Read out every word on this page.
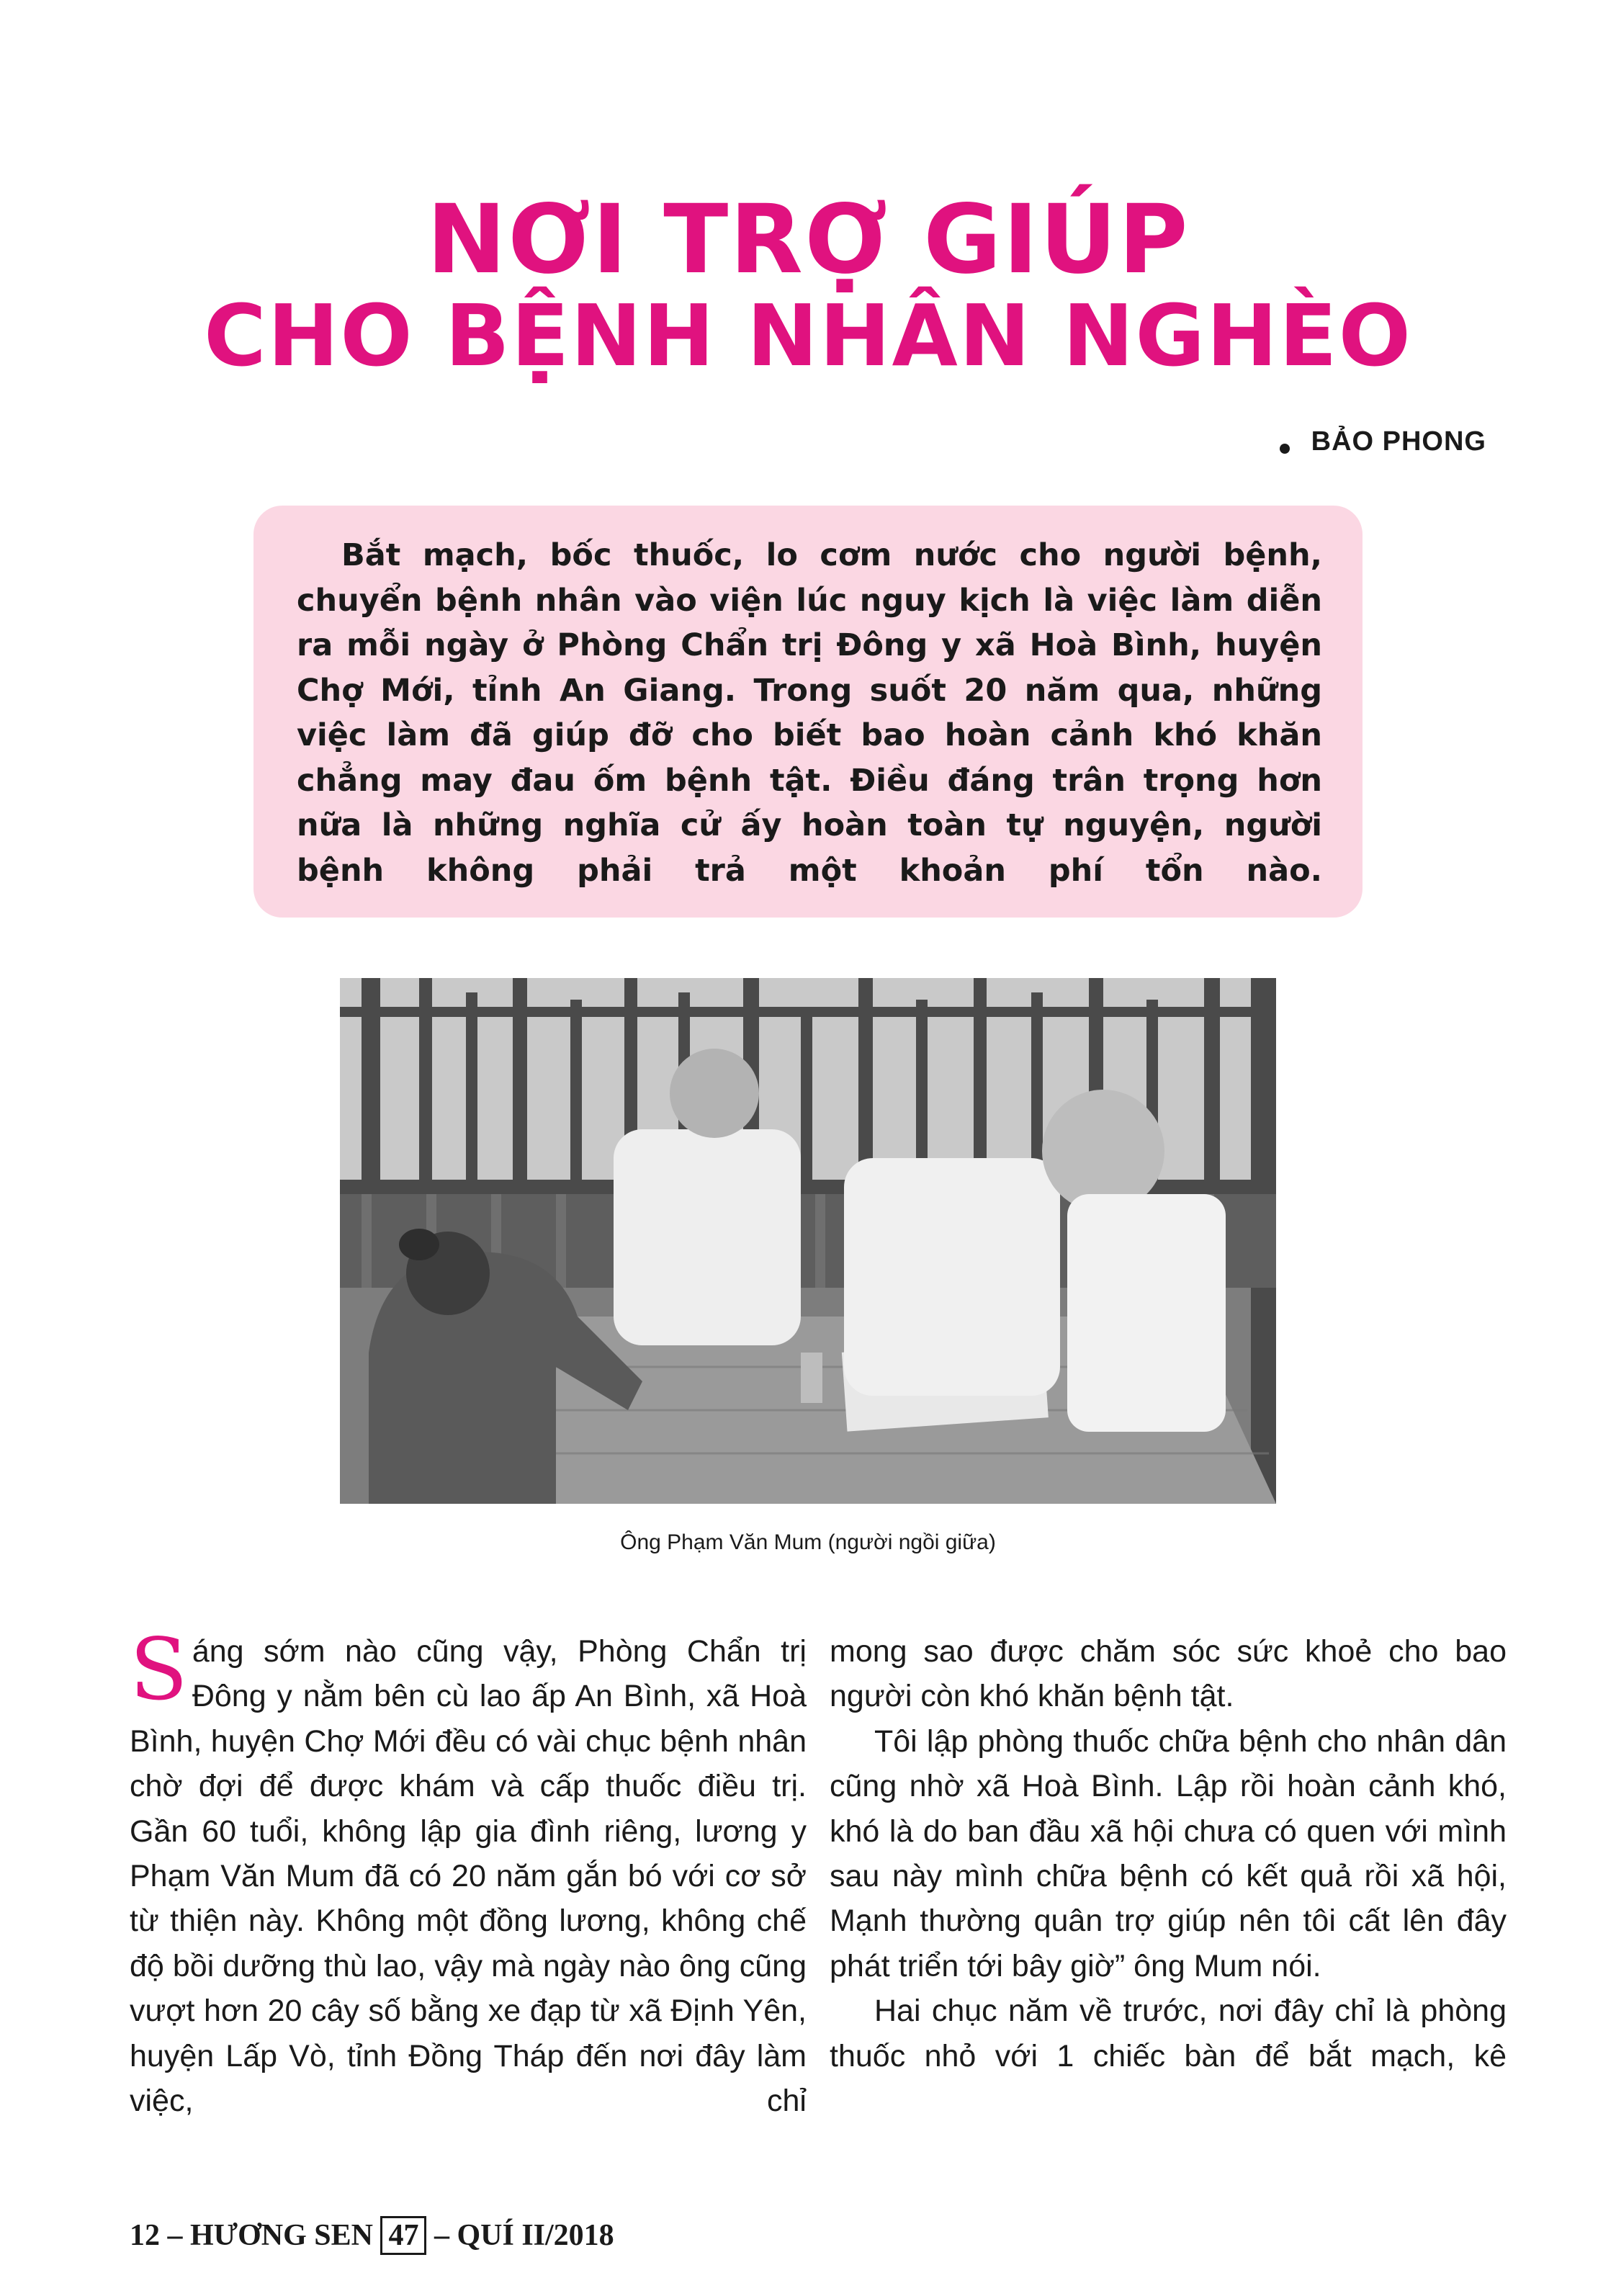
NƠI TRỢ GIÚP
CHO BỆNH NHÂN NGHÈO
BẢO PHONG

Bắt mạch, bốc thuốc, lo cơm nước cho người bệnh, chuyển bệnh nhân vào viện lúc nguy kịch là việc làm diễn ra mỗi ngày ở Phòng Chẩn trị Đông y xã Hoà Bình, huyện Chợ Mới, tỉnh An Giang. Trong suốt 20 năm qua, những việc làm đã giúp đỡ cho biết bao hoàn cảnh khó khăn chẳng may đau ốm bệnh tật. Điều đáng trân trọng hơn nữa là những nghĩa cử ấy hoàn toàn tự nguyện, người bệnh không phải trả một khoản phí tổn nào.

Ông Phạm Văn Mum (người ngồi giữa)

Sáng sớm nào cũng vậy, Phòng Chẩn trị Đông y nằm bên cù lao ấp An Bình, xã Hoà Bình, huyện Chợ Mới đều có vài chục bệnh nhân chờ đợi để được khám và cấp thuốc điều trị. Gần 60 tuổi, không lập gia đình riêng, lương y Phạm Văn Mum đã có 20 năm gắn bó với cơ sở từ thiện này. Không một đồng lương, không chế độ bồi dưỡng thù lao, vậy mà ngày nào ông cũng vượt hơn 20 cây số bằng xe đạp từ xã Định Yên, huyện Lấp Vò, tỉnh Đồng Tháp đến nơi đây làm việc, chỉ

mong sao được chăm sóc sức khoẻ cho bao người còn khó khăn bệnh tật.

Tôi lập phòng thuốc chữa bệnh cho nhân dân cũng nhờ xã Hoà Bình. Lập rồi hoàn cảnh khó, khó là do ban đầu xã hội chưa có quen với mình sau này mình chữa bệnh có kết quả rồi xã hội, Mạnh thường quân trợ giúp nên tôi cất lên đây phát triển tới bây giờ” ông Mum nói.

Hai chục năm về trước, nơi đây chỉ là phòng thuốc nhỏ với 1 chiếc bàn để bắt mạch, kê

12 – HƯƠNG SEN 47 – QUÍ II/2018
